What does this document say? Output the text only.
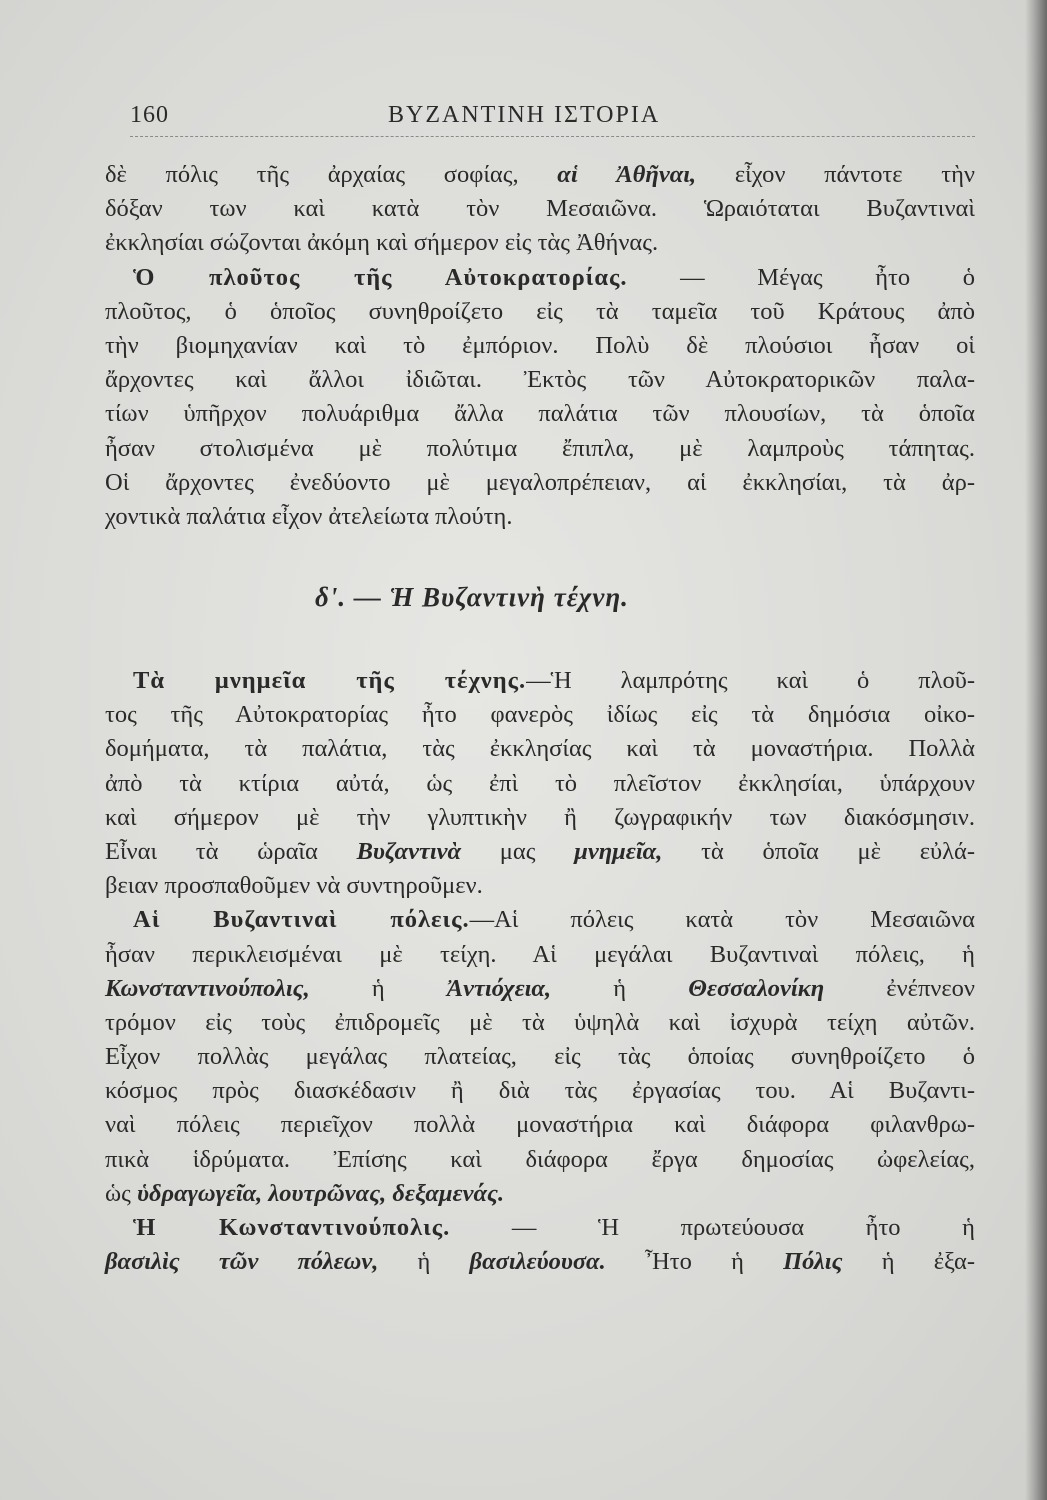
160	ΒΥΖΑΝΤΙΝΗ ΙΣΤΟΡΙΑ
δὲ πόλις τῆς ἀρχαίας σοφίας, αἱ Ἀθῆναι, εἶχον πάντοτε τὴν
δόξαν των καὶ κατὰ τὸν Μεσαιῶνα. Ὡραιόταται Βυζαντιναὶ
ἐκκλησίαι σώζονται ἀκόμη καὶ σήμερον εἰς τὰς Ἀθήνας.
Ὁ πλοῦτος τῆς Αὐτοκρατορίας. — Μέγας ἦτο ὁ
πλοῦτος, ὁ ὁποῖος συνηθροίζετο εἰς τὰ ταμεῖα τοῦ Κράτους ἀπὸ
τὴν βιομηχανίαν καὶ τὸ ἐμπόριον. Πολὺ δὲ πλούσιοι ἦσαν οἱ
ἄρχοντες καὶ ἄλλοι ἰδιῶται. Ἐκτὸς τῶν Αὐτοκρατορικῶν παλα-
τίων ὑπῆρχον πολυάριθμα ἄλλα παλάτια τῶν πλουσίων, τὰ ὁποῖα
ἦσαν στολισμένα μὲ πολύτιμα ἔπιπλα, μὲ λαμπροὺς τάπητας.
Οἱ ἄρχοντες ἐνεδύοντο μὲ μεγαλοπρέπειαν, αἱ ἐκκλησίαι, τὰ ἀρ-
χοντικὰ παλάτια εἶχον ἀτελείωτα πλούτη.
δ'. — Ἡ Βυζαντινὴ τέχνη.
Τὰ μνημεῖα τῆς τέχνης.—Ἡ λαμπρότης καὶ ὁ πλοῦ-
τος τῆς Αὐτοκρατορίας ἦτο φανερὸς ἰδίως εἰς τὰ δημόσια οἰκο-
δομήματα, τὰ παλάτια, τὰς ἐκκλησίας καὶ τὰ μοναστήρια. Πολλὰ
ἀπὸ τὰ κτίρια αὐτά, ὡς ἐπὶ τὸ πλεῖστον ἐκκλησίαι, ὑπάρχουν
καὶ σήμερον μὲ τὴν γλυπτικὴν ἢ ζωγραφικήν των διακόσμησιν.
Εἶναι τὰ ὡραῖα Βυζαντινὰ μας μνημεῖα, τὰ ὁποῖα μὲ εὐλά-
βειαν προσπαθοῦμεν νὰ συντηροῦμεν.
Αἱ Βυζαντιναὶ πόλεις.—Αἱ πόλεις κατὰ τὸν Μεσαιῶνα
ἦσαν περικλεισμέναι μὲ τείχη. Αἱ μεγάλαι Βυζαντιναὶ πόλεις, ἡ
Κωνσταντινούπολις, ἡ Ἀντιόχεια, ἡ Θεσσαλονίκη ἐνέπνεον
τρόμον εἰς τοὺς ἐπιδρομεῖς μὲ τὰ ὑψηλὰ καὶ ἰσχυρὰ τείχη αὐτῶν.
Εἶχον πολλὰς μεγάλας πλατείας, εἰς τὰς ὁποίας συνηθροίζετο ὁ
κόσμος πρὸς διασκέδασιν ἢ διὰ τὰς ἐργασίας του. Αἱ Βυζαντι-
ναὶ πόλεις περιεῖχον πολλὰ μοναστήρια καὶ διάφορα φιλανθρω-
πικὰ ἱδρύματα. Ἐπίσης καὶ διάφορα ἔργα δημοσίας ὠφελείας,
ὡς ὑδραγωγεῖα, λουτρῶνας, δεξαμενάς.
Ἡ Κωνσταντινούπολις. — Ἡ πρωτεύουσα ἦτο ἡ
βασιλὶς τῶν πόλεων, ἡ βασιλεύουσα. Ἦτο ἡ Πόλις ἡ ἐξα-
